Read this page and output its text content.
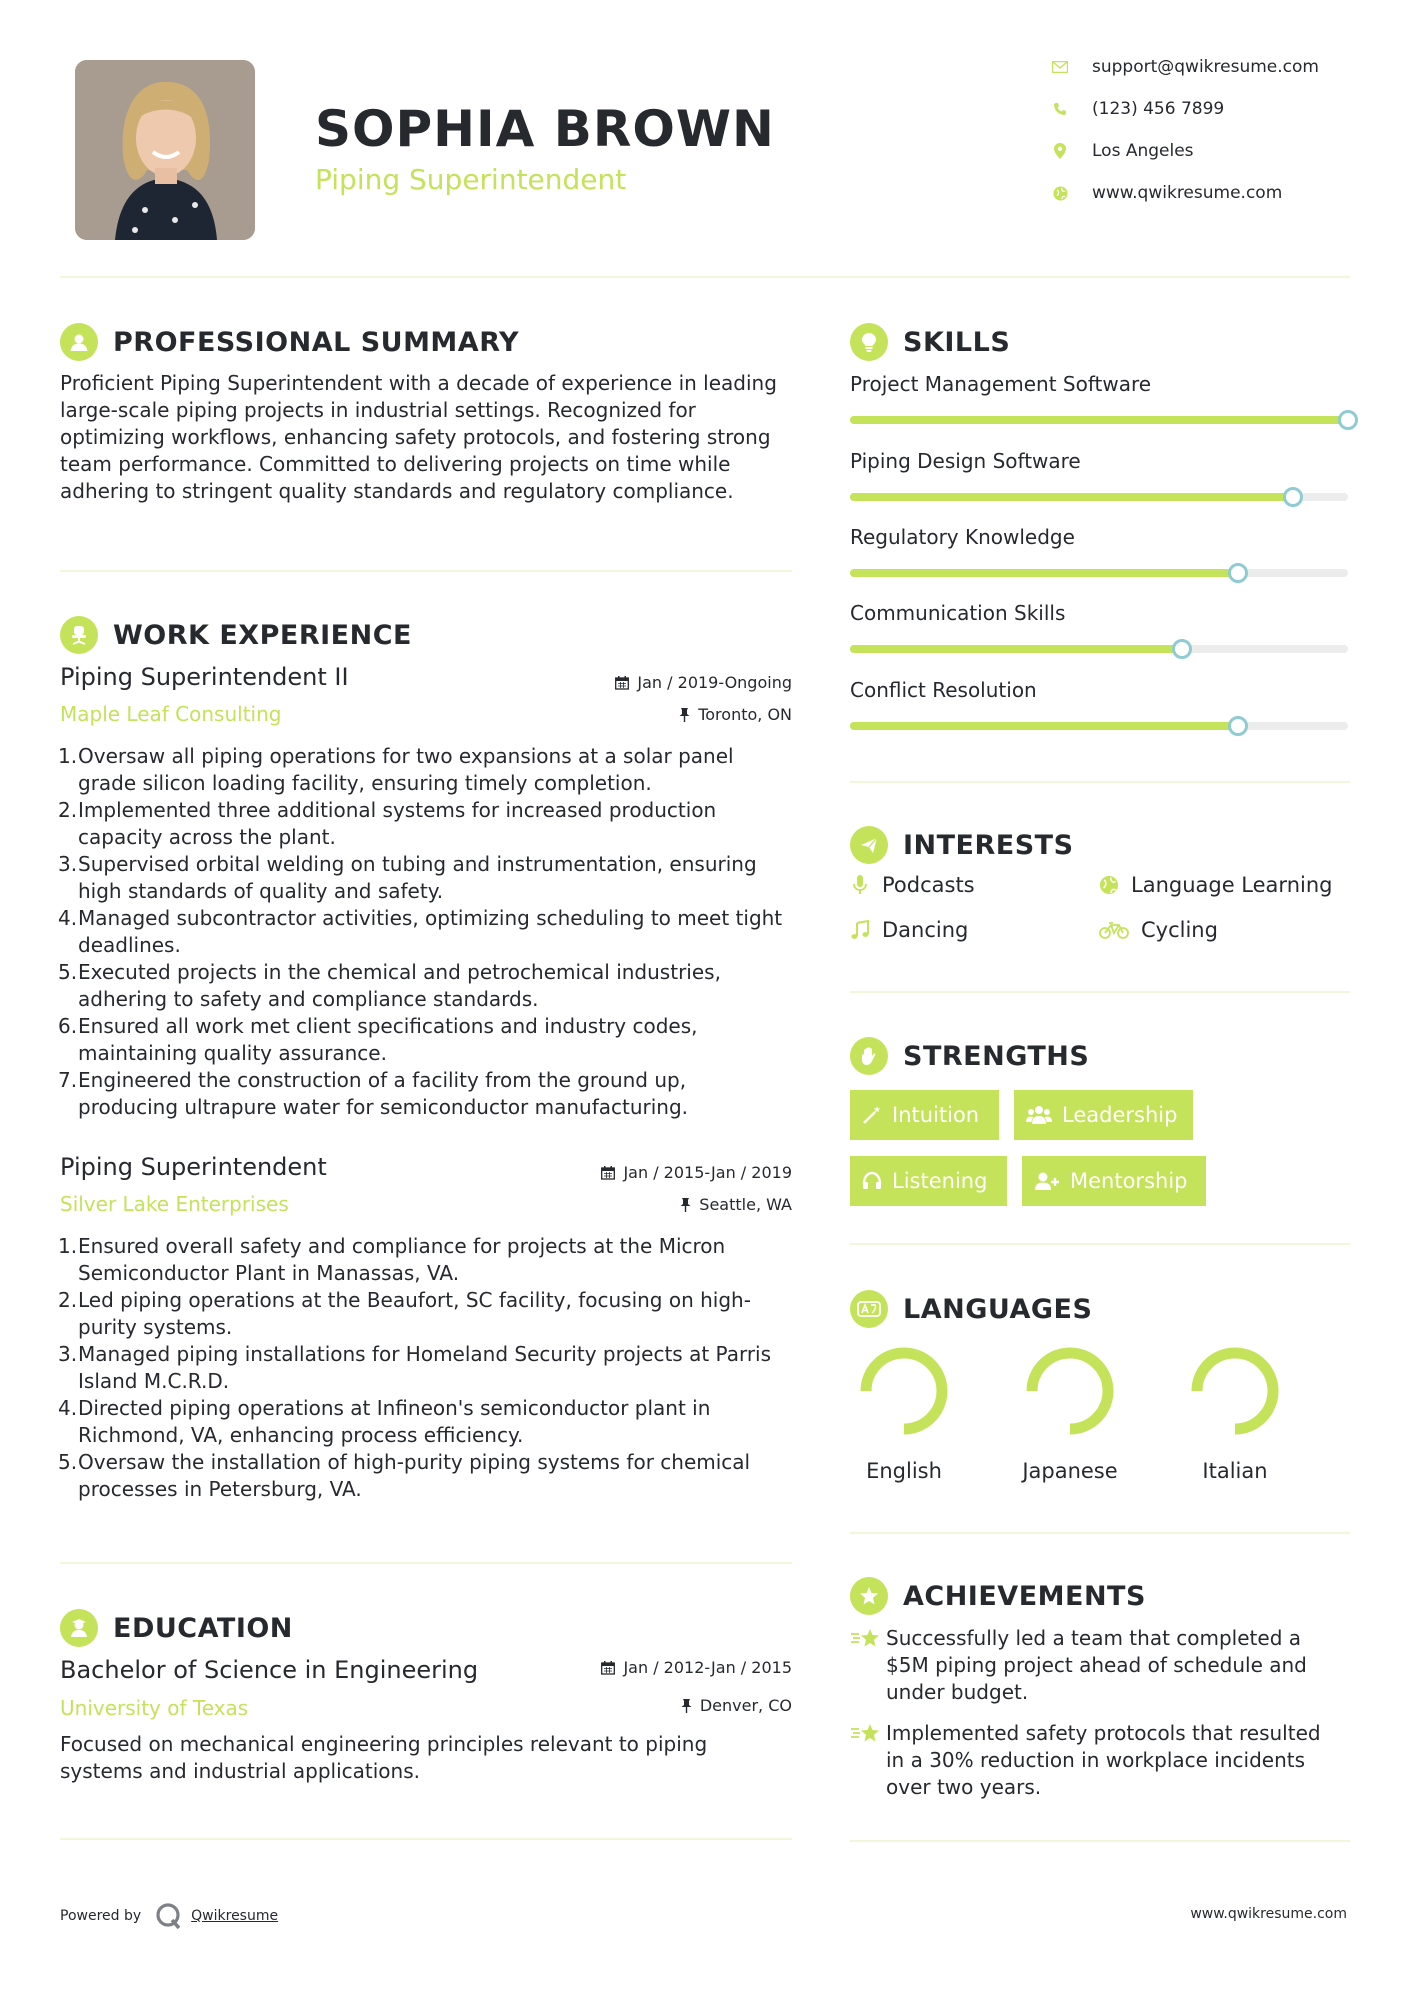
SOPHIA BROWN
Piping Superintendent
support@qwikresume.com
(123) 456 7899
Los Angeles
www.qwikresume.com
PROFESSIONAL SUMMARY
Proficient Piping Superintendent with a decade of experience in leading large-scale piping projects in industrial settings. Recognized for optimizing workflows, enhancing safety protocols, and fostering strong team performance. Committed to delivering projects on time while adhering to stringent quality standards and regulatory compliance.
WORK EXPERIENCE
Piping Superintendent II	Jan / 2019-Ongoing
Maple Leaf Consulting	Toronto, ON
1. Oversaw all piping operations for two expansions at a solar panel grade silicon loading facility, ensuring timely completion.
2. Implemented three additional systems for increased production capacity across the plant.
3. Supervised orbital welding on tubing and instrumentation, ensuring high standards of quality and safety.
4. Managed subcontractor activities, optimizing scheduling to meet tight deadlines.
5. Executed projects in the chemical and petrochemical industries, adhering to safety and compliance standards.
6. Ensured all work met client specifications and industry codes, maintaining quality assurance.
7. Engineered the construction of a facility from the ground up, producing ultrapure water for semiconductor manufacturing.
Piping Superintendent	Jan / 2015-Jan / 2019
Silver Lake Enterprises	Seattle, WA
1. Ensured overall safety and compliance for projects at the Micron Semiconductor Plant in Manassas, VA.
2. Led piping operations at the Beaufort, SC facility, focusing on high-purity systems.
3. Managed piping installations for Homeland Security projects at Parris Island M.C.R.D.
4. Directed piping operations at Infineon's semiconductor plant in Richmond, VA, enhancing process efficiency.
5. Oversaw the installation of high-purity piping systems for chemical processes in Petersburg, VA.
EDUCATION
Bachelor of Science in Engineering	Jan / 2012-Jan / 2015
University of Texas	Denver, CO
Focused on mechanical engineering principles relevant to piping systems and industrial applications.
SKILLS
Project Management Software
Piping Design Software
Regulatory Knowledge
Communication Skills
Conflict Resolution
INTERESTS
Podcasts	Language Learning
Dancing	Cycling
STRENGTHS
Intuition	Leadership
Listening	Mentorship
LANGUAGES
English	Japanese	Italian
ACHIEVEMENTS
Successfully led a team that completed a $5M piping project ahead of schedule and under budget.
Implemented safety protocols that resulted in a 30% reduction in workplace incidents over two years.
Powered by	Qwikresume	www.qwikresume.com
